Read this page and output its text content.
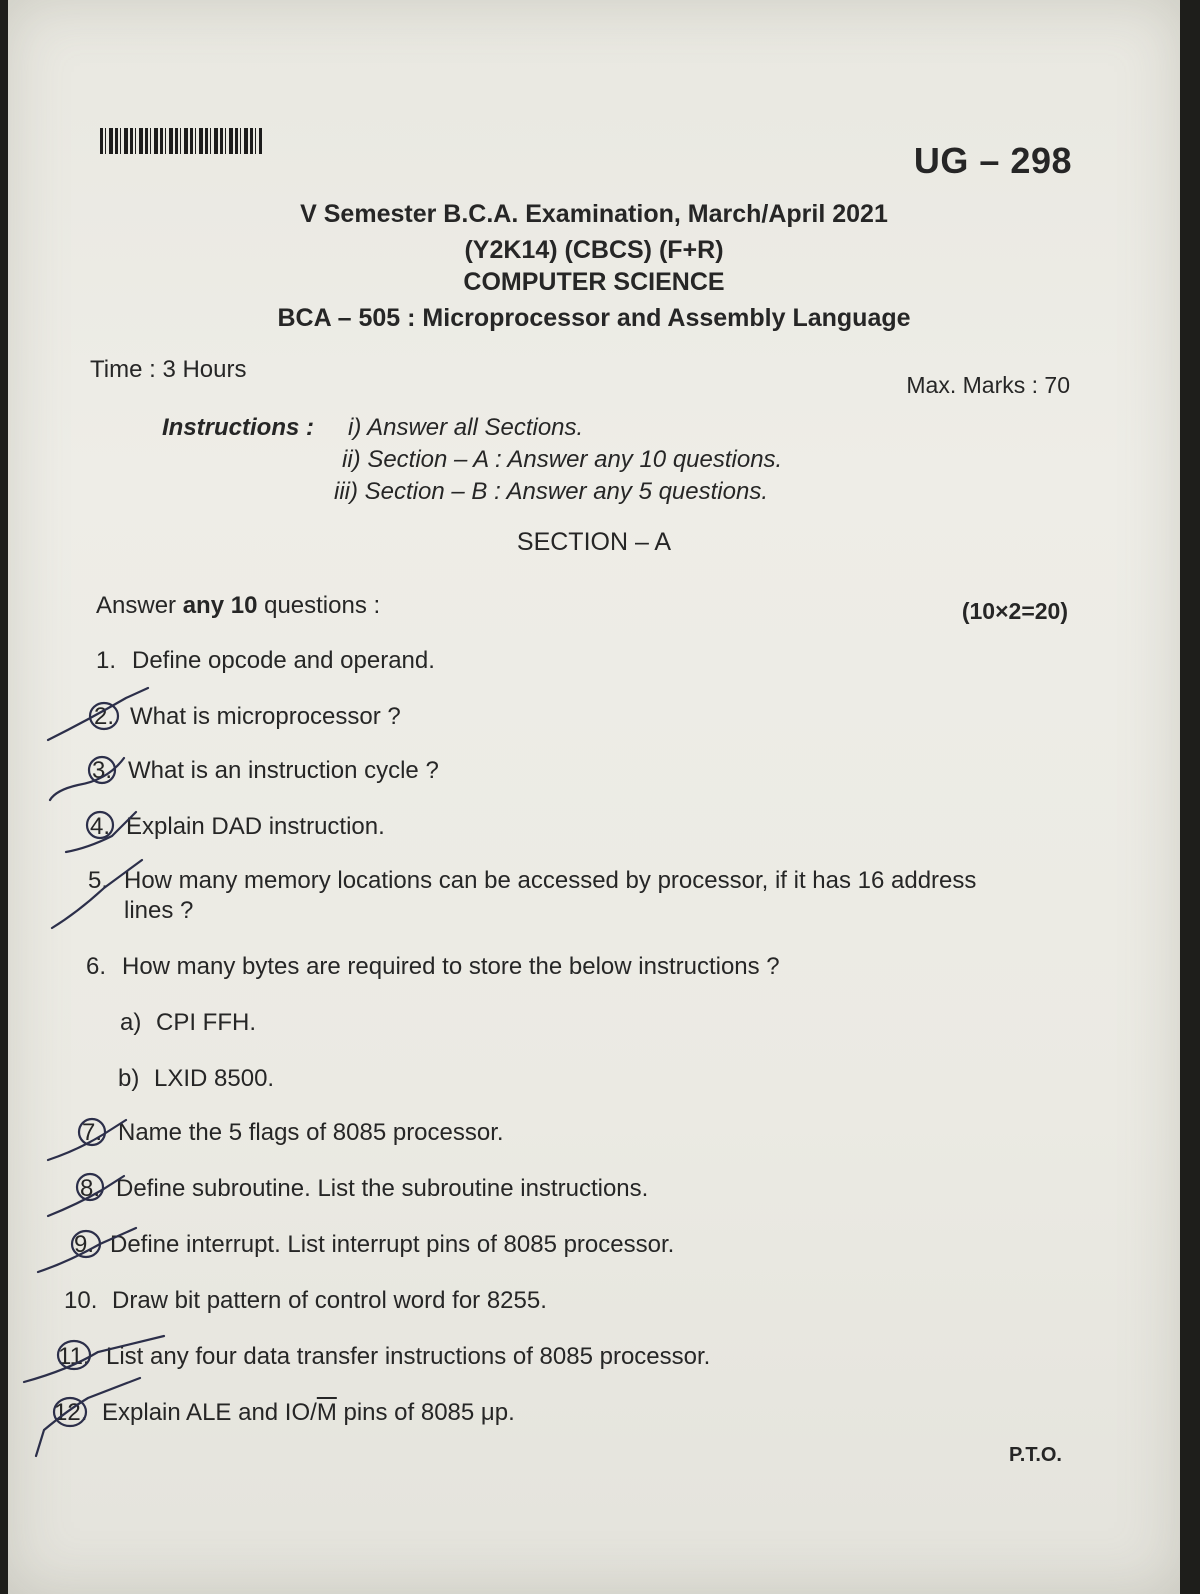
UG – 298
V Semester B.C.A. Examination, March/April 2021
(Y2K14) (CBCS) (F+R)
COMPUTER SCIENCE
BCA – 505 : Microprocessor and Assembly Language
Time : 3 Hours
Max. Marks : 70
Instructions : i) Answer all Sections.
ii) Section – A : Answer any 10 questions.
iii) Section – B : Answer any 5 questions.
SECTION – A
Answer any 10 questions :	(10×2=20)
1. Define opcode and operand.
2. What is microprocessor ?
3. What is an instruction cycle ?
4. Explain DAD instruction.
5. How many memory locations can be accessed by processor, if it has 16 address lines ?
6. How many bytes are required to store the below instructions ?
a) CPI FFH.
b) LXID 8500.
7. Name the 5 flags of 8085 processor.
8. Define subroutine. List the subroutine instructions.
9. Define interrupt. List interrupt pins of 8085 processor.
10. Draw bit pattern of control word for 8255.
11. List any four data transfer instructions of 8085 processor.
12. Explain ALE and $IO/\overline{M}$ pins of 8085 μp.
P.T.O.
